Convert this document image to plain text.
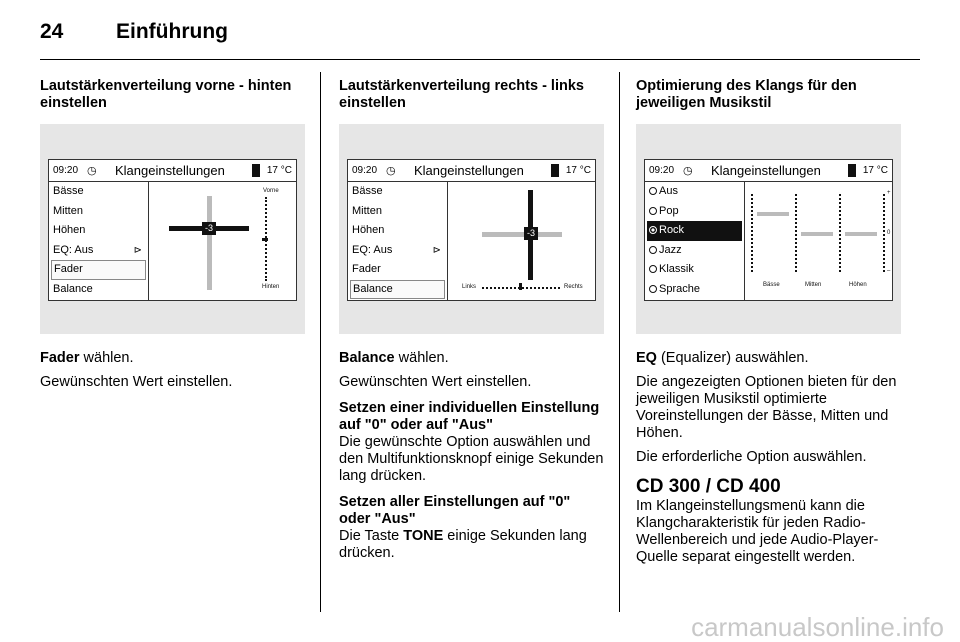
24	Einführung
Lautstärkenverteilung vorne - hinten einstellen
09:20 ◷ Klangeinstellungen	17 °C
Bässe
Mitten
Höhen
EQ: Aus	⊳
Fader
Balance
-3
Vorne
Hinten
Fader wählen.
Gewünschten Wert einstellen.
Lautstärkenverteilung rechts - links einstellen
09:20 ◷ Klangeinstellungen	17 °C
Bässe
Mitten
Höhen
EQ: Aus	⊳
Fader
Balance
-3
Links	Rechts
Balance wählen.
Gewünschten Wert einstellen.
Setzen einer individuellen Einstellung auf "0" oder auf "Aus"
Die gewünschte Option auswählen und den Multifunktionsknopf einige Sekunden lang drücken.
Setzen aller Einstellungen auf "0" oder "Aus"
Die Taste TONE einige Sekunden lang drücken.
Optimierung des Klangs für den jeweiligen Musikstil
09:20 ◷ Klangeinstellungen	17 °C
Aus
Pop
Rock
Jazz
Klassik
Sprache
+
0
–
Bässe	Mitten	Höhen
EQ (Equalizer) auswählen.
Die angezeigten Optionen bieten für den jeweiligen Musikstil optimierte Voreinstellungen der Bässe, Mitten und Höhen.
Die erforderliche Option auswählen.
CD 300 / CD 400
Im Klangeinstellungsmenü kann die Klangcharakteristik für jeden Radio-Wellenbereich und jede Audio-Player-Quelle separat eingestellt werden.
carmanualsonline.info
